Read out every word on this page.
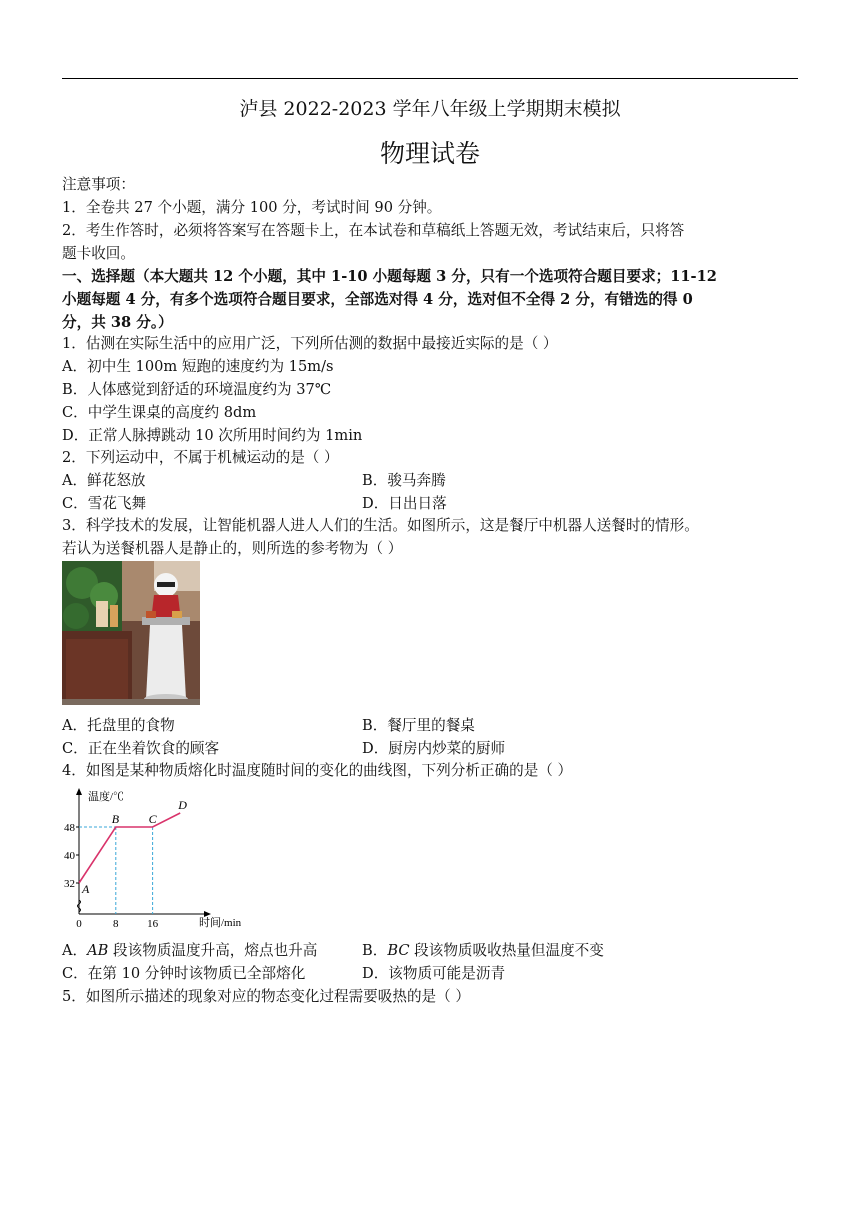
泸县 2022-2023 学年八年级上学期期末模拟
物理试卷
注意事项：
1．全卷共 27 个小题，满分 100 分，考试时间 90 分钟。
2．考生作答时，必须将答案写在答题卡上，在本试卷和草稿纸上答题无效，考试结束后，只将答
题卡收回。
一、选择题（本大题共 12 个小题，其中 1-10 小题每题 3 分，只有一个选项符合题目要求；11-12
小题每题 4 分，有多个选项符合题目要求，全部选对得 4 分，选对但不全得 2 分，有错选的得 0
分，共 38 分。）
1．估测在实际生活中的应用广泛，下列所估测的数据中最接近实际的是（ ）
A．初中生 100m 短跑的速度约为 15m/s
B．人体感觉到舒适的环境温度约为 37℃
C．中学生课桌的高度约 8dm
D．正常人脉搏跳动 10 次所用时间约为 1min
2．下列运动中，不属于机械运动的是（ ）
A．鲜花怒放	B．骏马奔腾
C．雪花飞舞	D．日出日落
3．科学技术的发展，让智能机器人进人人们的生活。如图所示，这是餐厅中机器人送餐时的情形。
若认为送餐机器人是静止的，则所选的参考物为（ ）
A．托盘里的食物	B．餐厅里的餐桌
C．正在坐着饮食的顾客	D．厨房内炒菜的厨师
4．如图是某种物质熔化时温度随时间的变化的曲线图，下列分析正确的是（ ）
温度/℃
时间/min
A
B C
D
32
40
48
0	8	16
A．AB 段该物质温度升高，熔点也升高	B．BC 段该物质吸收热量但温度不变
C．在第 10 分钟时该物质已全部熔化	D．该物质可能是沥青
5．如图所示描述的现象对应的物态变化过程需要吸热的是（ ）
